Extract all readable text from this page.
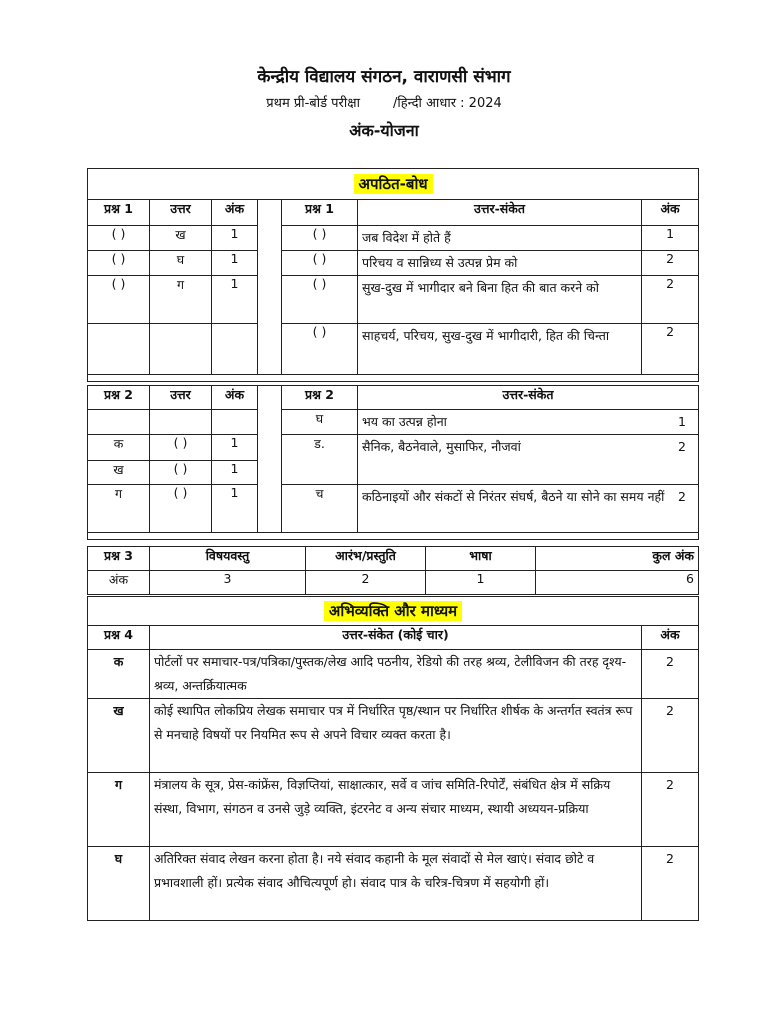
केन्द्रीय विद्यालय संगठन, वाराणसी संभाग
प्रथम प्री-बोर्ड परीक्षा        /हिन्दी आधार : 2024
अंक-योजना
अपठित-बोध						
प्रश्न 1	उत्तर	अंक		प्रश्न 1	उत्तर-संकेत	अंक
( )	ख	1		( )	जब विदेश में होते हैं	1
( )	घ	1		( )	परिचय व सान्निध्य से उत्पन्न प्रेम को	2
( )	ग	1		( )	सुख-दुख में भागीदार बने बिना हित की बात करने को	2
				( )	साहचर्य, परिचय, सुख-दुख में भागीदारी, हित की चिन्ता	2

प्रश्न 2	उत्तर	अंक		प्रश्न 2	उत्तर-संकेत
				घ	भय का उत्पन्न होना 1

क	( )	1		ड.	सैनिक, बैठनेवाले, मुसाफिर, नौजवां 2

ख	( )	1			
ग	( )	1		च	कठिनाइयों और संकटों से निरंतर संघर्ष, बैठने या सोने का समय नहीं 2

प्रश्न 3	विषयवस्तु	आरंभ/प्रस्तुति	भाषा	कुल अंक
अंक	3	2	1	6
अभिव्यक्ति और माध्यम		
प्रश्न 4	उत्तर-संकेत (कोई चार)	अंक
क	पोर्टलों पर समाचार-पत्र/पत्रिका/पुस्तक/लेख आदि पठनीय, रेडियो की तरह श्रव्य, टेलीविजन की तरह दृश्य-श्रव्य, अन्तर्क्रियात्मक	2
ख	कोई स्थापित लोकप्रिय लेखक समाचार पत्र में निर्धारित पृष्ठ/स्थान पर निर्धारित शीर्षक के अन्तर्गत स्वतंत्र रूप से मनचाहे विषयों पर नियमित रूप से अपने विचार व्यक्त करता है।	2
ग	मंत्रालय के सूत्र, प्रेस-कांफ्रेंस, विज्ञप्तियां, साक्षात्कार, सर्वे व जांच समिति-रिपोर्टें, संबंधित क्षेत्र में सक्रिय संस्था, विभाग, संगठन व उनसे जुड़े व्यक्ति, इंटरनेट व अन्य संचार माध्यम, स्थायी अध्ययन-प्रक्रिया	2
घ	अतिरिक्त संवाद लेखन करना होता है। नये संवाद कहानी के मूल संवादों से मेल खाएं। संवाद छोटे व प्रभावशाली हों। प्रत्येक संवाद औचित्यपूर्ण हो। संवाद पात्र के चरित्र-चित्रण में सहयोगी हों।	2
